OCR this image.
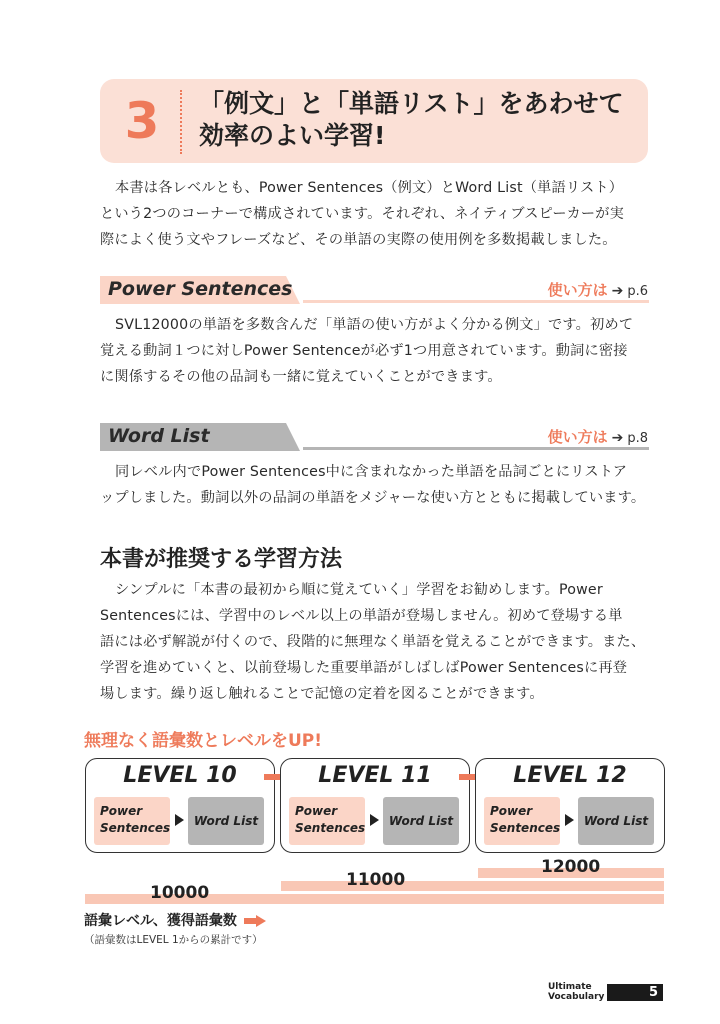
3 「例文」と「単語リスト」をあわせて
効率のよい学習!
本書は各レベルとも、Power Sentences（例文）とWord List（単語リスト）
という2つのコーナーで構成されています。それぞれ、ネイティブスピーカーが実
際によく使う文やフレーズなど、その単語の実際の使用例を多数掲載しました。
Power Sentences	使い方は ➔ p.6
SVL12000の単語を多数含んだ「単語の使い方がよく分かる例文」です。初めて
覚える動詞１つに対しPower Sentenceが必ず1つ用意されています。動詞に密接
に関係するその他の品詞も一緒に覚えていくことができます。
Word List	使い方は ➔ p.8
同レベル内でPower Sentences中に含まれなかった単語を品詞ごとにリストア
ップしました。動詞以外の品詞の単語をメジャーな使い方とともに掲載しています。
本書が推奨する学習方法
シンプルに「本書の最初から順に覚えていく」学習をお勧めします。Power
Sentencesには、学習中のレベル以上の単語が登場しません。初めて登場する単
語には必ず解説が付くので、段階的に無理なく単語を覚えることができます。また、
学習を進めていくと、以前登場した重要単語がしばしばPower Sentencesに再登
場します。繰り返し触れることで記憶の定着を図ることができます。
無理なく語彙数とレベルをUP!
LEVEL 10
Power
Sentences	Word List
LEVEL 11
Power
Sentences	Word List
LEVEL 12
Power
Sentences	Word List
10000
11000
12000
語彙レベル、獲得語彙数
（語彙数はLEVEL 1からの累計です）
Ultimate
Vocabulary	5
